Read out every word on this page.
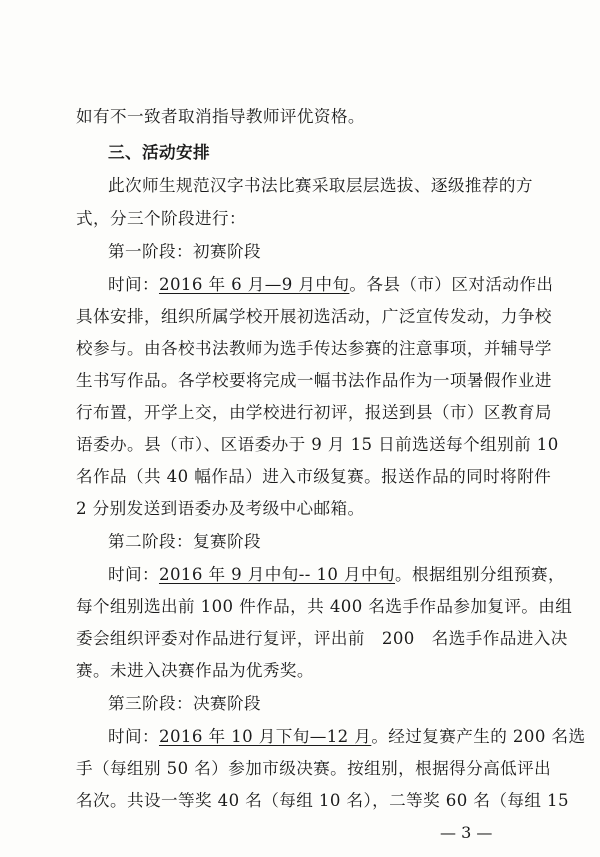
如有不一致者取消指导教师评优资格。
三、活动安排
此次师生规范汉字书法比赛采取层层选拔、逐级推荐的方
式，分三个阶段进行：
第一阶段：初赛阶段
时间：2016 年 6 月—9 月中旬。各县（市）区对活动作出
具体安排，组织所属学校开展初选活动，广泛宣传发动，力争校
校参与。由各校书法教师为选手传达参赛的注意事项，并辅导学
生书写作品。各学校要将完成一幅书法作品作为一项暑假作业进
行布置，开学上交，由学校进行初评，报送到县（市）区教育局
语委办。县（市）、区语委办于 9 月 15 日前选送每个组别前 10
名作品（共 40 幅作品）进入市级复赛。报送作品的同时将附件
2 分别发送到语委办及考级中心邮箱。
第二阶段：复赛阶段
时间：2016 年 9 月中旬-- 10 月中旬。根据组别分组预赛，
每个组别选出前 100 件作品，共 400 名选手作品参加复评。由组
委会组织评委对作品进行复评，评出前　200　名选手作品进入决
赛。未进入决赛作品为优秀奖。
第三阶段：决赛阶段
时间：2016 年 10 月下旬—12 月。经过复赛产生的 200 名选
手（每组别 50 名）参加市级决赛。按组别，根据得分高低评出
名次。共设一等奖 40 名（每组 10 名），二等奖 60 名（每组 15
— 3 —
